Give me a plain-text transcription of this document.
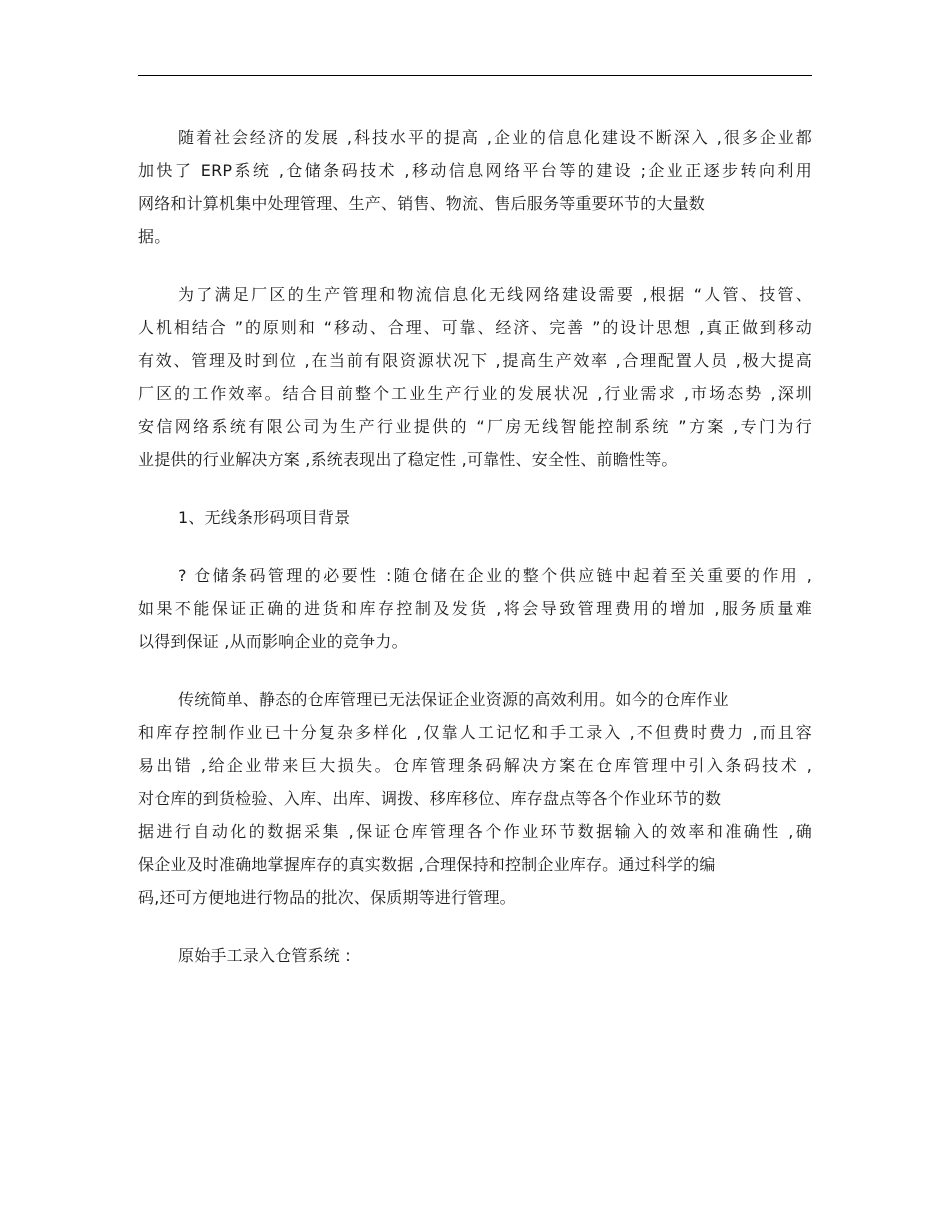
随着社会经济的发展 ,科技水平的提高 ,企业的信息化建设不断深入 ,很多企业都
加快了 ERP系统 ,仓储条码技术 ,移动信息网络平台等的建设 ;企业正逐步转向利用
网络和计算机集中处理管理、生产、销售、物流、售后服务等重要环节的大量数
据。
为了满足厂区的生产管理和物流信息化无线网络建设需要 ,根据 “人管、技管、
人机相结合 ”的原则和 “移动、合理、可靠、经济、完善 ”的设计思想 ,真正做到移动
有效、管理及时到位 ,在当前有限资源状况下 ,提高生产效率 ,合理配置人员 ,极大提高
厂区的工作效率。结合目前整个工业生产行业的发展状况 ,行业需求 ,市场态势 ,深圳
安信网络系统有限公司为生产行业提供的 “厂房无线智能控制系统 ”方案 ,专门为行
业提供的行业解决方案 ,系统表现出了稳定性 ,可靠性、安全性、前瞻性等。
1、无线条形码项目背景
? 仓储条码管理的必要性 :随仓储在企业的整个供应链中起着至关重要的作用 ,
如果不能保证正确的进货和库存控制及发货 ,将会导致管理费用的增加 ,服务质量难
以得到保证 ,从而影响企业的竞争力。
传统简单、静态的仓库管理已无法保证企业资源的高效利用。如今的仓库作业
和库存控制作业已十分复杂多样化 ,仅靠人工记忆和手工录入 ,不但费时费力 ,而且容
易出错 ,给企业带来巨大损失。仓库管理条码解决方案在仓库管理中引入条码技术 ,
对仓库的到货检验、入库、出库、调拨、移库移位、库存盘点等各个作业环节的数
据进行自动化的数据采集 ,保证仓库管理各个作业环节数据输入的效率和准确性 ,确
保企业及时准确地掌握库存的真实数据 ,合理保持和控制企业库存。通过科学的编
码,还可方便地进行物品的批次、保质期等进行管理。
原始手工录入仓管系统 :
